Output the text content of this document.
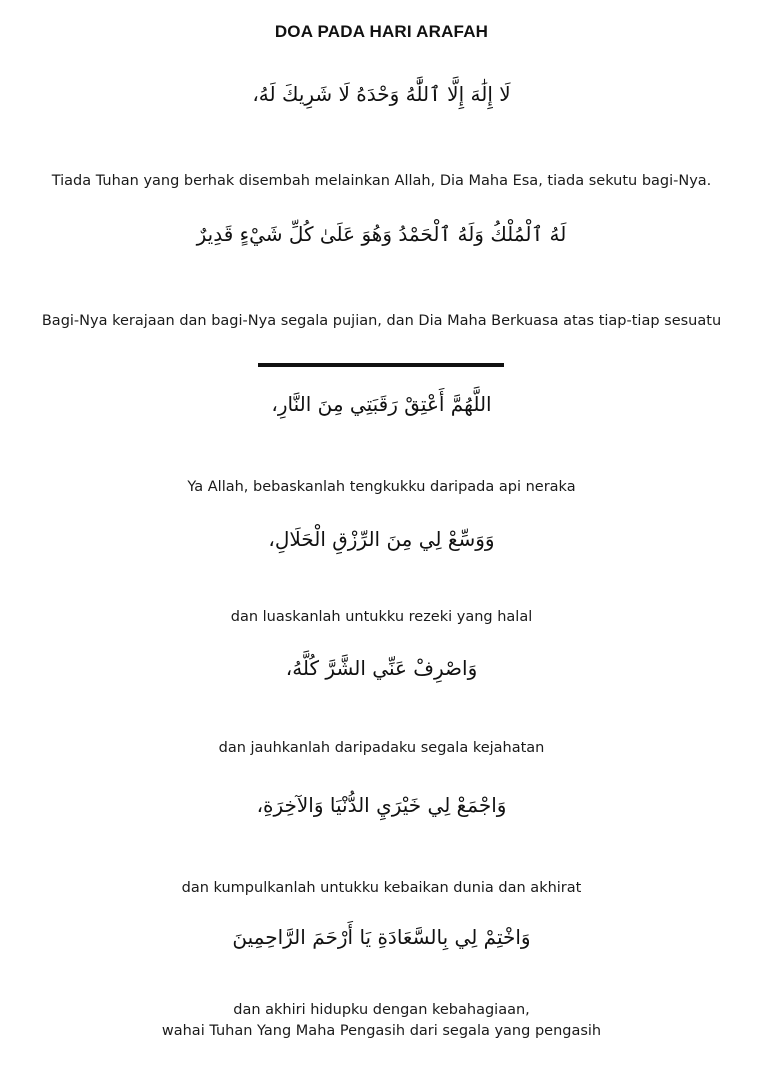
DOA PADA HARI ARAFAH
لَا إِلَٰهَ إِلَّا ٱللَّٰهُ وَحْدَهُ لَا شَرِيكَ لَهُ،
Tiada Tuhan yang berhak disembah melainkan Allah, Dia Maha Esa, tiada sekutu bagi-Nya.
لَهُ ٱلْمُلْكُ وَلَهُ ٱلْحَمْدُ وَهُوَ عَلَىٰ كُلِّ شَيْءٍ قَدِيرٌ
Bagi-Nya kerajaan dan bagi-Nya segala pujian, dan Dia Maha Berkuasa atas tiap-tiap sesuatu
اللَّهُمَّ أَعْتِقْ رَقَبَتِي مِنَ النَّارِ،
Ya Allah, bebaskanlah tengkukku daripada api neraka
وَوَسِّعْ لِي مِنَ الرِّزْقِ الْحَلَالِ،
dan luaskanlah untukku rezeki yang halal
وَاصْرِفْ عَنِّي الشَّرَّ كُلَّهُ،
dan jauhkanlah daripadaku segala kejahatan
وَاجْمَعْ لِي خَيْرَيِ الدُّنْيَا وَالآخِرَةِ،
dan kumpulkanlah untukku kebaikan dunia dan akhirat
وَاخْتِمْ لِي بِالسَّعَادَةِ يَا أَرْحَمَ الرَّاحِمِينَ
dan akhiri hidupku dengan kebahagiaan,
wahai Tuhan Yang Maha Pengasih dari segala yang pengasih
